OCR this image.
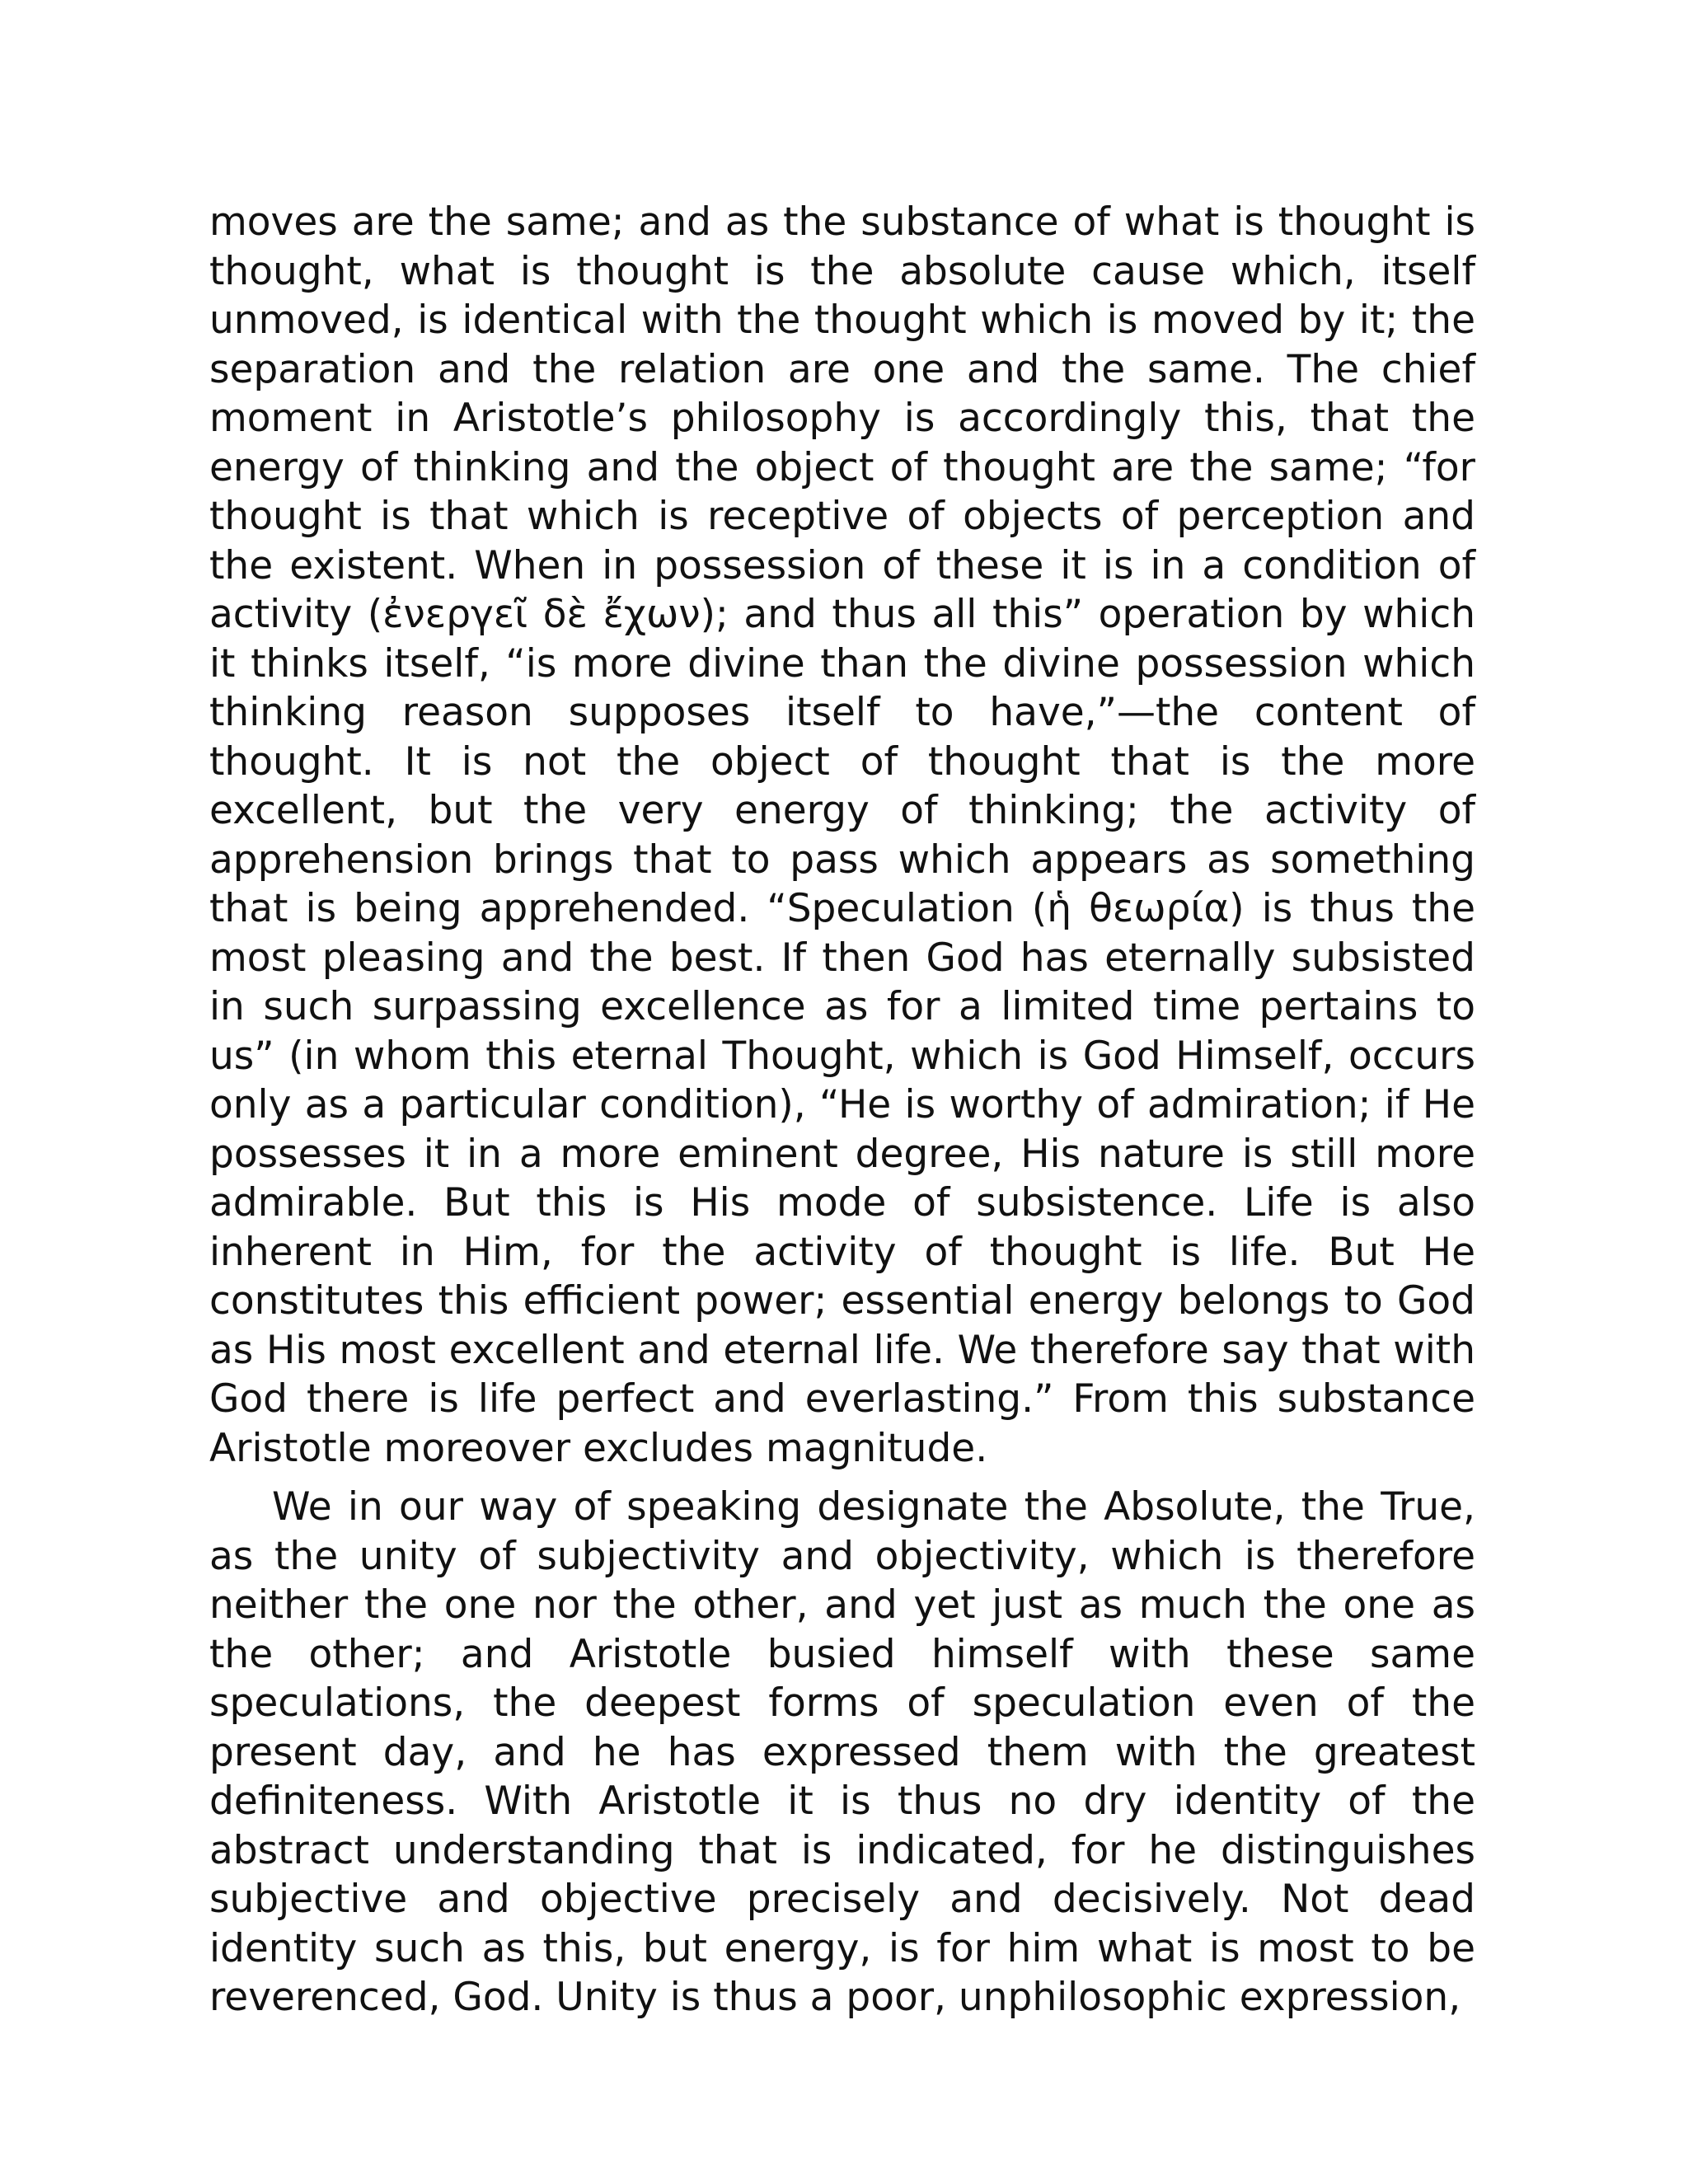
moves are the same; and as the substance of what is thought is thought, what is thought is the absolute cause which, itself unmoved, is identical with the thought which is moved by it; the separation and the relation are one and the same. The chief moment in Aristotle’s philosophy is accordingly this, that the energy of thinking and the object of thought are the same; “for thought is that which is receptive of objects of perception and the existent. When in possession of these it is in a condition of activity (ἐνεργεῖ δὲ ἔχων); and thus all this” operation by which it thinks itself, “is more divine than the divine possession which thinking reason supposes itself to have,”—the content of thought. It is not the object of thought that is the more excellent, but the very energy of thinking; the activity of apprehension brings that to pass which appears as something that is being apprehended. “Speculation (ἡ θεωρία) is thus the most pleasing and the best. If then God has eternally subsisted in such surpassing excellence as for a limited time pertains to us” (in whom this eternal Thought, which is God Himself, occurs only as a particular condition), “He is worthy of admiration; if He possesses it in a more eminent degree, His nature is still more admirable. But this is His mode of subsistence. Life is also inherent in Him, for the activity of thought is life. But He constitutes this efficient power; essential energy belongs to God as His most excellent and eternal life. We therefore say that with God there is life perfect and everlasting.” From this substance Aristotle moreover excludes magnitude.

We in our way of speaking designate the Absolute, the True, as the unity of subjectivity and objectivity, which is therefore neither the one nor the other, and yet just as much the one as the other; and Aristotle busied himself with these same speculations, the deepest forms of speculation even of the present day, and he has expressed them with the greatest definiteness. With Aristotle it is thus no dry identity of the abstract understanding that is indicated, for he distinguishes subjective and objective precisely and decisively. Not dead identity such as this, but energy, is for him what is most to be reverenced, God. Unity is thus a poor, unphilosophic expression,
